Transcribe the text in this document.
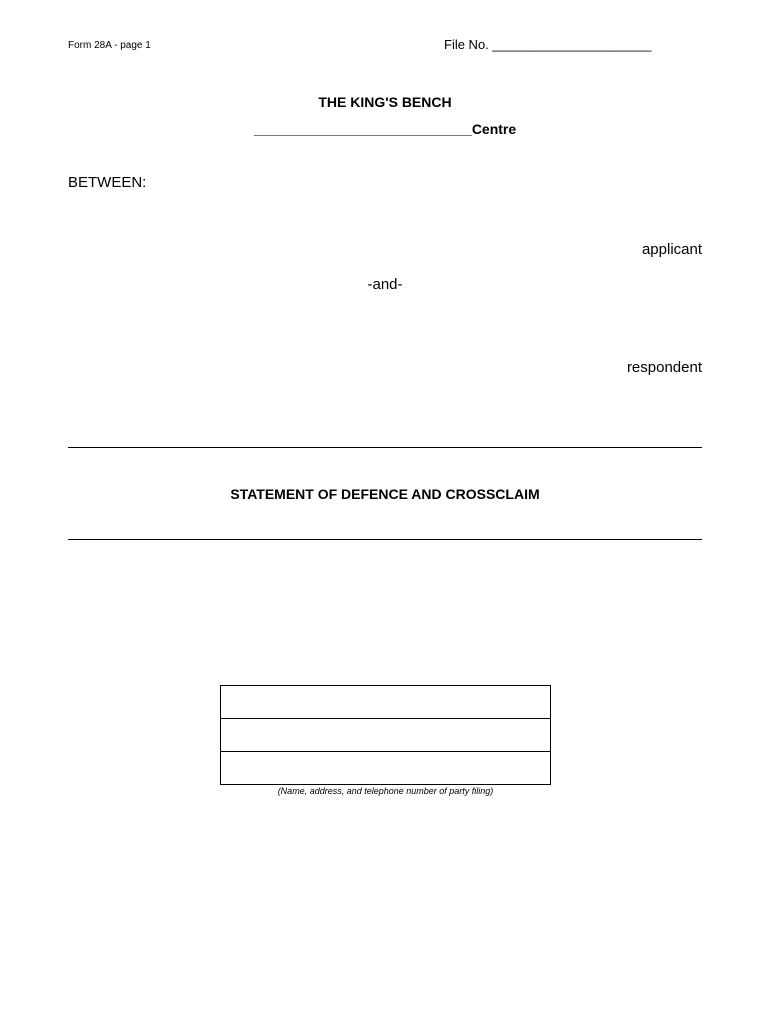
Form 28A - page 1	File No. ______________________
THE KING'S BENCH
____________________________Centre
BETWEEN:
applicant
-and-
respondent
STATEMENT OF DEFENCE AND CROSSCLAIM
(Name, address, and telephone number of party filing)
